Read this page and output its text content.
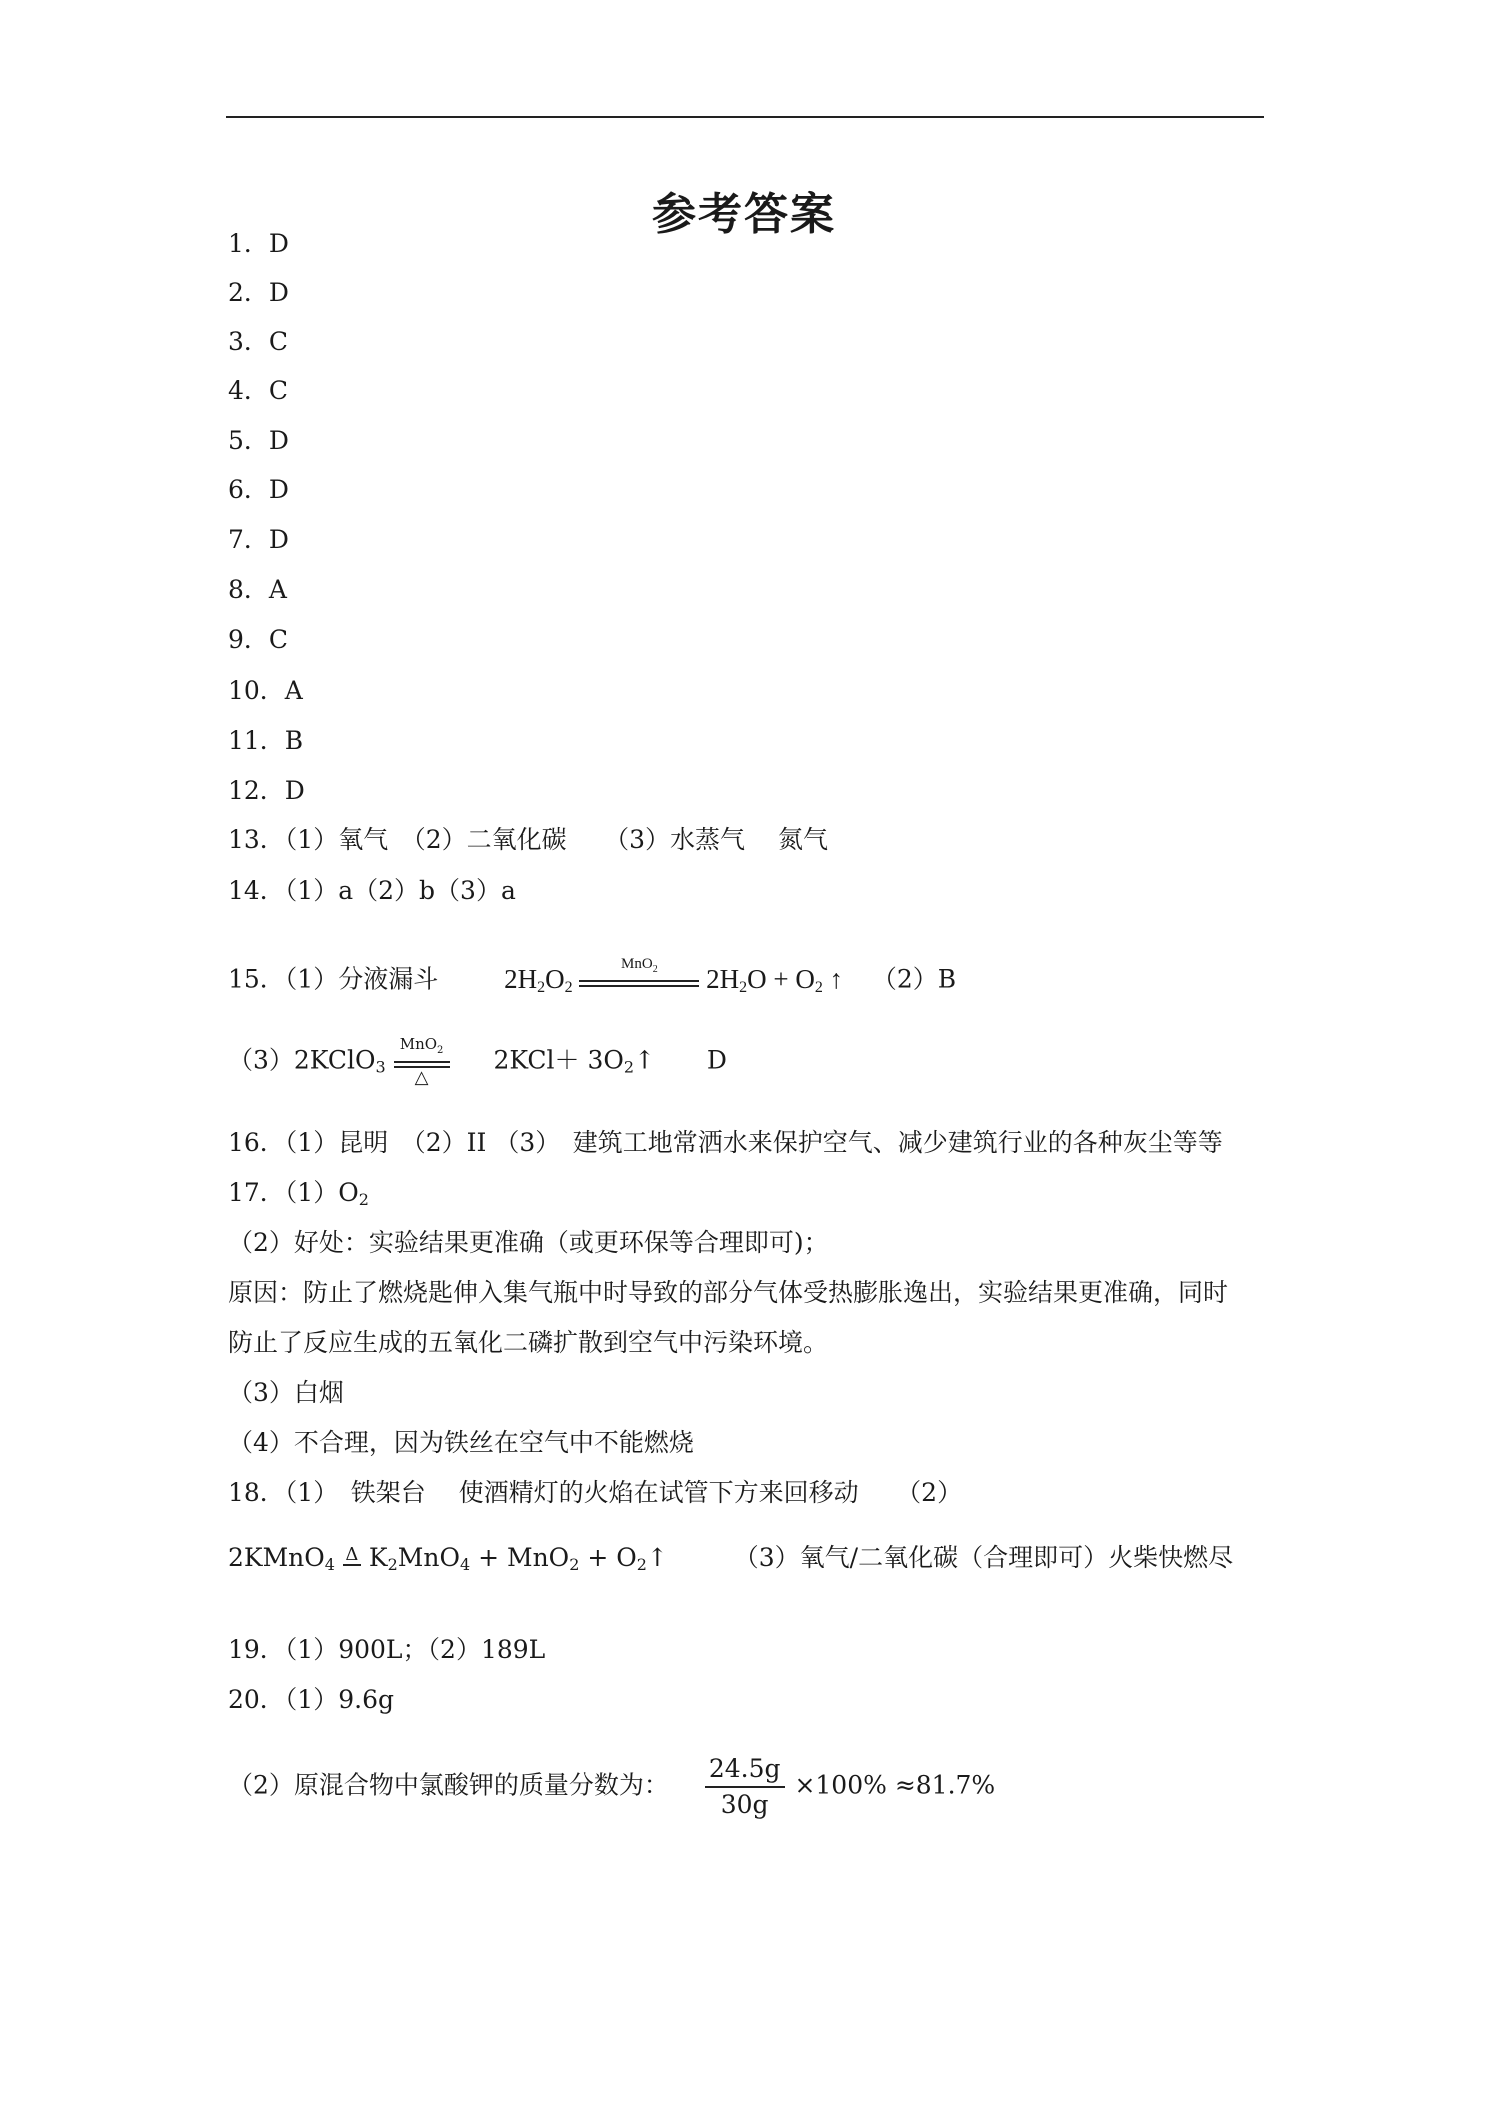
参考答案
1．D
2．D
3．C
4．C
5．D
6．D
7．D
8．A
9．C
10．A
11．B
12．D
13．（1）氧气　（2）二氧化碳　　（3）水蒸气　 氮气
14．（1）a（2）b（3）a
15．（1）分液漏斗 $2H_2O_2$
MnO$_2$
	$2H_2O + O_2$ ↑ （2）B
（3）2KClO$_3$
MnO$_2$
△
$2KCl+ 3O_2↑$ D
16．（1）昆明　（2）II （3）　建筑工地常洒水来保护空气、减少建筑行业的各种灰尘等等
17．$(1)O_2$
（2）好处：实验结果更准确（或更环保等合理即可)；
原因：防止了燃烧匙伸入集气瓶中时导致的部分气体受热膨胀逸出，实验结果更准确，同时
防止了反应生成的五氧化二磷扩散到空气中污染环境。
（3）白烟
（4）不合理，因为铁丝在空气中不能燃烧
18．（1）　铁架台　 使酒精灯的火焰在试管下方来回移动　　（2）
2KMnO$_4$ Δ $K_2MnO_4 + MnO_2$ + $O_2↑$	（3）氧气/二氧化碳（合理即可）火柴快燃尽
19．（1）900L；（2）189L
20．（1）9.6g
（2）原混合物中氯酸钾的质量分数为： $\frac{24.5g}{30g} \times 100\% \approx 81.7\%$
